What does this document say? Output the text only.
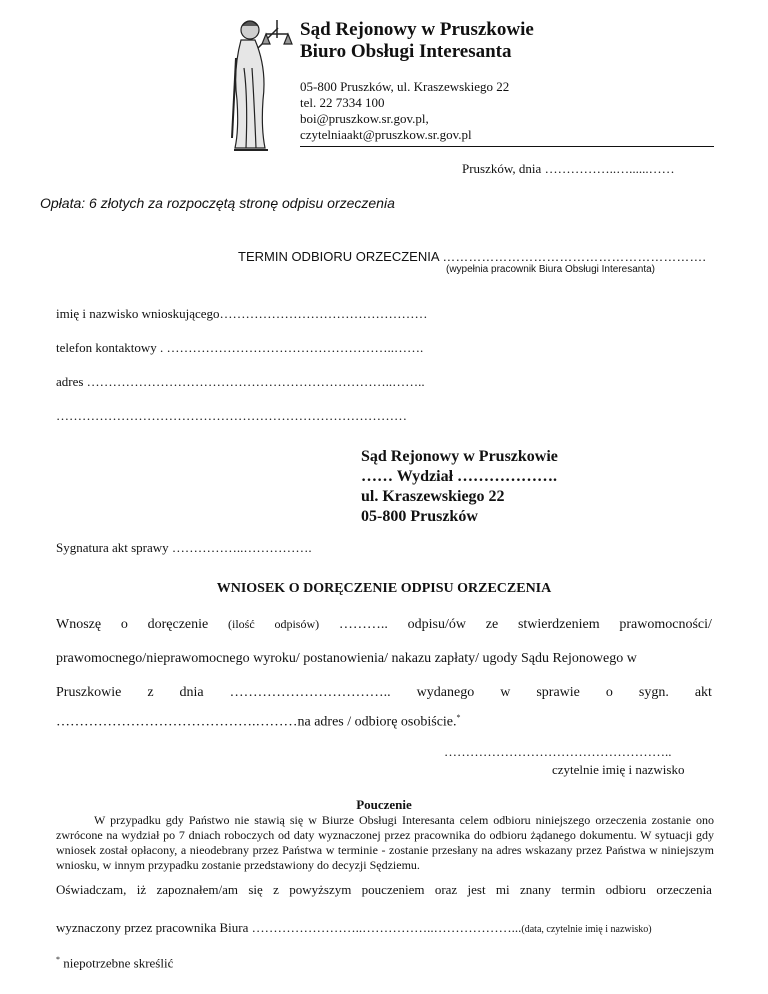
Sąd Rejonowy w Pruszkowie
Biuro Obsługi Interesanta
05-800 Pruszków, ul. Kraszewskiego 22
tel. 22 7334 100
boi@pruszkow.sr.gov.pl,
czytelniaakt@pruszkow.sr.gov.pl
Pruszków, dnia ……………..…......……
Opłata: 6 złotych za rozpoczętą stronę odpisu orzeczenia
TERMIN ODBIORU ORZECZENIA …………………………………………………….
(wypełnia pracownik Biura Obsługi Interesanta)
imię i nazwisko wnioskującego…………………………………………
telefon kontaktowy . ……………………………………………..…….
adres ……………………………………………………………..……..
………………………………………………………………………
Sąd Rejonowy w Pruszkowie
…… Wydział ……………….
ul. Kraszewskiego 22
05-800 Pruszków
Sygnatura akt sprawy ……………..…………….
WNIOSEK O DORĘCZENIE ODPISU ORZECZENIA
Wnoszę o doręczenie (ilość odpisów) ……….. odpisu/ów ze stwierdzeniem prawomocności/
prawomocnego/nieprawomocnego wyroku/ postanowienia/ nakazu zapłaty/ ugody Sądu Rejonowego w
Pruszkowie z dnia …………………………….. wydanego w sprawie o sygn. akt
…………………………………….………na adres / odbiorę osobiście.*
……………………………………………..
czytelnie imię i nazwisko
Pouczenie
W przypadku gdy Państwo nie stawią się w Biurze Obsługi Interesanta celem odbioru niniejszego orzeczenia zostanie ono zwrócone na wydział po 7 dniach roboczych od daty wyznaczonej przez pracownika do odbioru żądanego dokumentu. W sytuacji gdy wniosek został opłacony, a nieodebrany przez Państwa w terminie - zostanie przesłany na adres wskazany przez Państwa w niniejszym wniosku, w innym przypadku zostanie przedstawiony do decyzji Sędziemu.
Oświadczam, iż zapoznałem/am się z powyższym pouczeniem oraz jest mi znany termin odbioru orzeczenia
wyznaczony przez pracownika Biura ……………………..……………..………………...(data, czytelnie imię i nazwisko)
* niepotrzebne skreślić
